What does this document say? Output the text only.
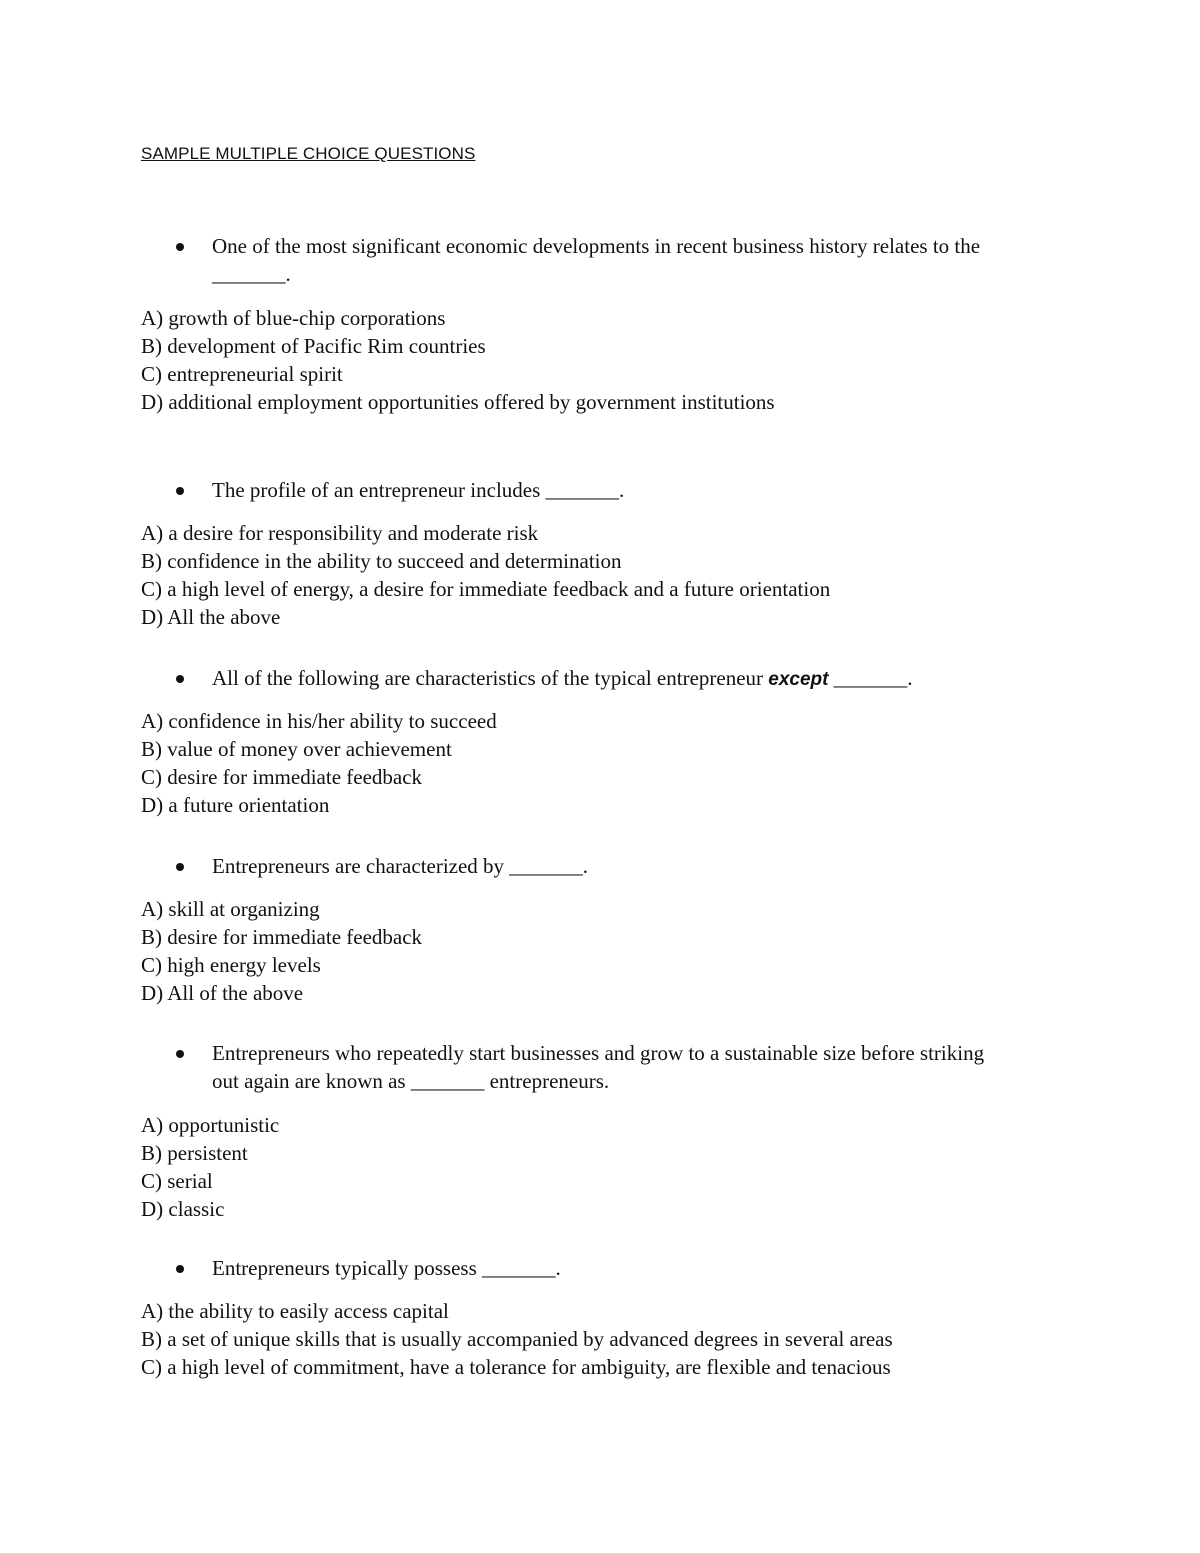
SAMPLE MULTIPLE CHOICE QUESTIONS
One of the most significant economic developments in recent business history relates to the _______.
A) growth of blue-chip corporations
B) development of Pacific Rim countries
C) entrepreneurial spirit
D) additional employment opportunities offered by government institutions
The profile of an entrepreneur includes _______.
A) a desire for responsibility and moderate risk
B) confidence in the ability to succeed and determination
C) a high level of energy, a desire for immediate feedback and a future orientation
D) All the above
All of the following are characteristics of the typical entrepreneur except _______.
A) confidence in his/her ability to succeed
B) value of money over achievement
C) desire for immediate feedback
D) a future orientation
Entrepreneurs are characterized by _______.
A) skill at organizing
B) desire for immediate feedback
C) high energy levels
D) All of the above
Entrepreneurs who repeatedly start businesses and grow to a sustainable size before striking out again are known as _______ entrepreneurs.
A) opportunistic
B) persistent
C) serial
D) classic
Entrepreneurs typically possess _______.
A) the ability to easily access capital
B) a set of unique skills that is usually accompanied by advanced degrees in several areas
C) a high level of commitment, have a tolerance for ambiguity, are flexible and tenacious
